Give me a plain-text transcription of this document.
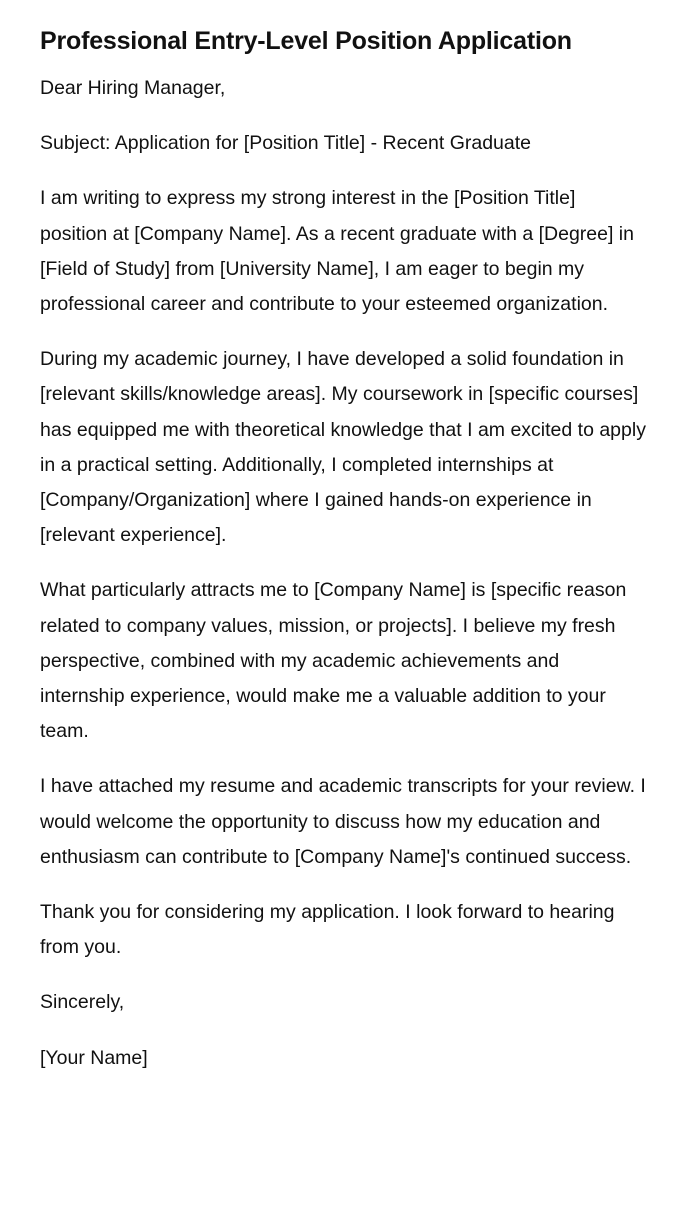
Professional Entry-Level Position Application

Dear Hiring Manager,

Subject: Application for [Position Title] - Recent Graduate

I am writing to express my strong interest in the [Position Title] position at [Company Name]. As a recent graduate with a [Degree] in [Field of Study] from [University Name], I am eager to begin my professional career and contribute to your esteemed organization.

During my academic journey, I have developed a solid foundation in [relevant skills/knowledge areas]. My coursework in [specific courses] has equipped me with theoretical knowledge that I am excited to apply in a practical setting. Additionally, I completed internships at [Company/Organization] where I gained hands-on experience in [relevant experience].

What particularly attracts me to [Company Name] is [specific reason related to company values, mission, or projects]. I believe my fresh perspective, combined with my academic achievements and internship experience, would make me a valuable addition to your team.

I have attached my resume and academic transcripts for your review. I would welcome the opportunity to discuss how my education and enthusiasm can contribute to [Company Name]'s continued success.

Thank you for considering my application. I look forward to hearing from you.

Sincerely,

[Your Name]
